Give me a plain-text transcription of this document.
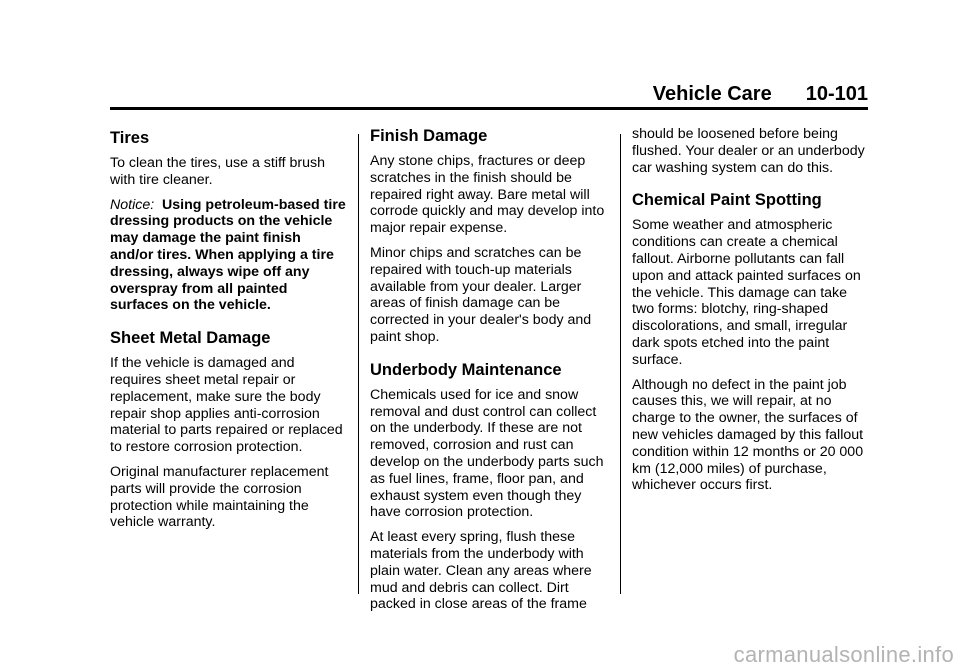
Vehicle Care 10-101
Tires

To clean the tires, use a stiff brush with tire cleaner.

Notice: Using petroleum-based tire dressing products on the vehicle may damage the paint finish and/or tires. When applying a tire dressing, always wipe off any overspray from all painted surfaces on the vehicle.

Sheet Metal Damage

If the vehicle is damaged and requires sheet metal repair or replacement, make sure the body repair shop applies anti-corrosion material to parts repaired or replaced to restore corrosion protection.

Original manufacturer replacement parts will provide the corrosion protection while maintaining the vehicle warranty.

Finish Damage

Any stone chips, fractures or deep scratches in the finish should be repaired right away. Bare metal will corrode quickly and may develop into major repair expense.

Minor chips and scratches can be repaired with touch-up materials available from your dealer. Larger areas of finish damage can be corrected in your dealer's body and paint shop.

Underbody Maintenance

Chemicals used for ice and snow removal and dust control can collect on the underbody. If these are not removed, corrosion and rust can develop on the underbody parts such as fuel lines, frame, floor pan, and exhaust system even though they have corrosion protection.

At least every spring, flush these materials from the underbody with plain water. Clean any areas where mud and debris can collect. Dirt packed in close areas of the frame

should be loosened before being flushed. Your dealer or an underbody car washing system can do this.

Chemical Paint Spotting

Some weather and atmospheric conditions can create a chemical fallout. Airborne pollutants can fall upon and attack painted surfaces on the vehicle. This damage can take two forms: blotchy, ring-shaped discolorations, and small, irregular dark spots etched into the paint surface.

Although no defect in the paint job causes this, we will repair, at no charge to the owner, the surfaces of new vehicles damaged by this fallout condition within 12 months or 20 000 km (12,000 miles) of purchase, whichever occurs first.

carmanualsonline.info
